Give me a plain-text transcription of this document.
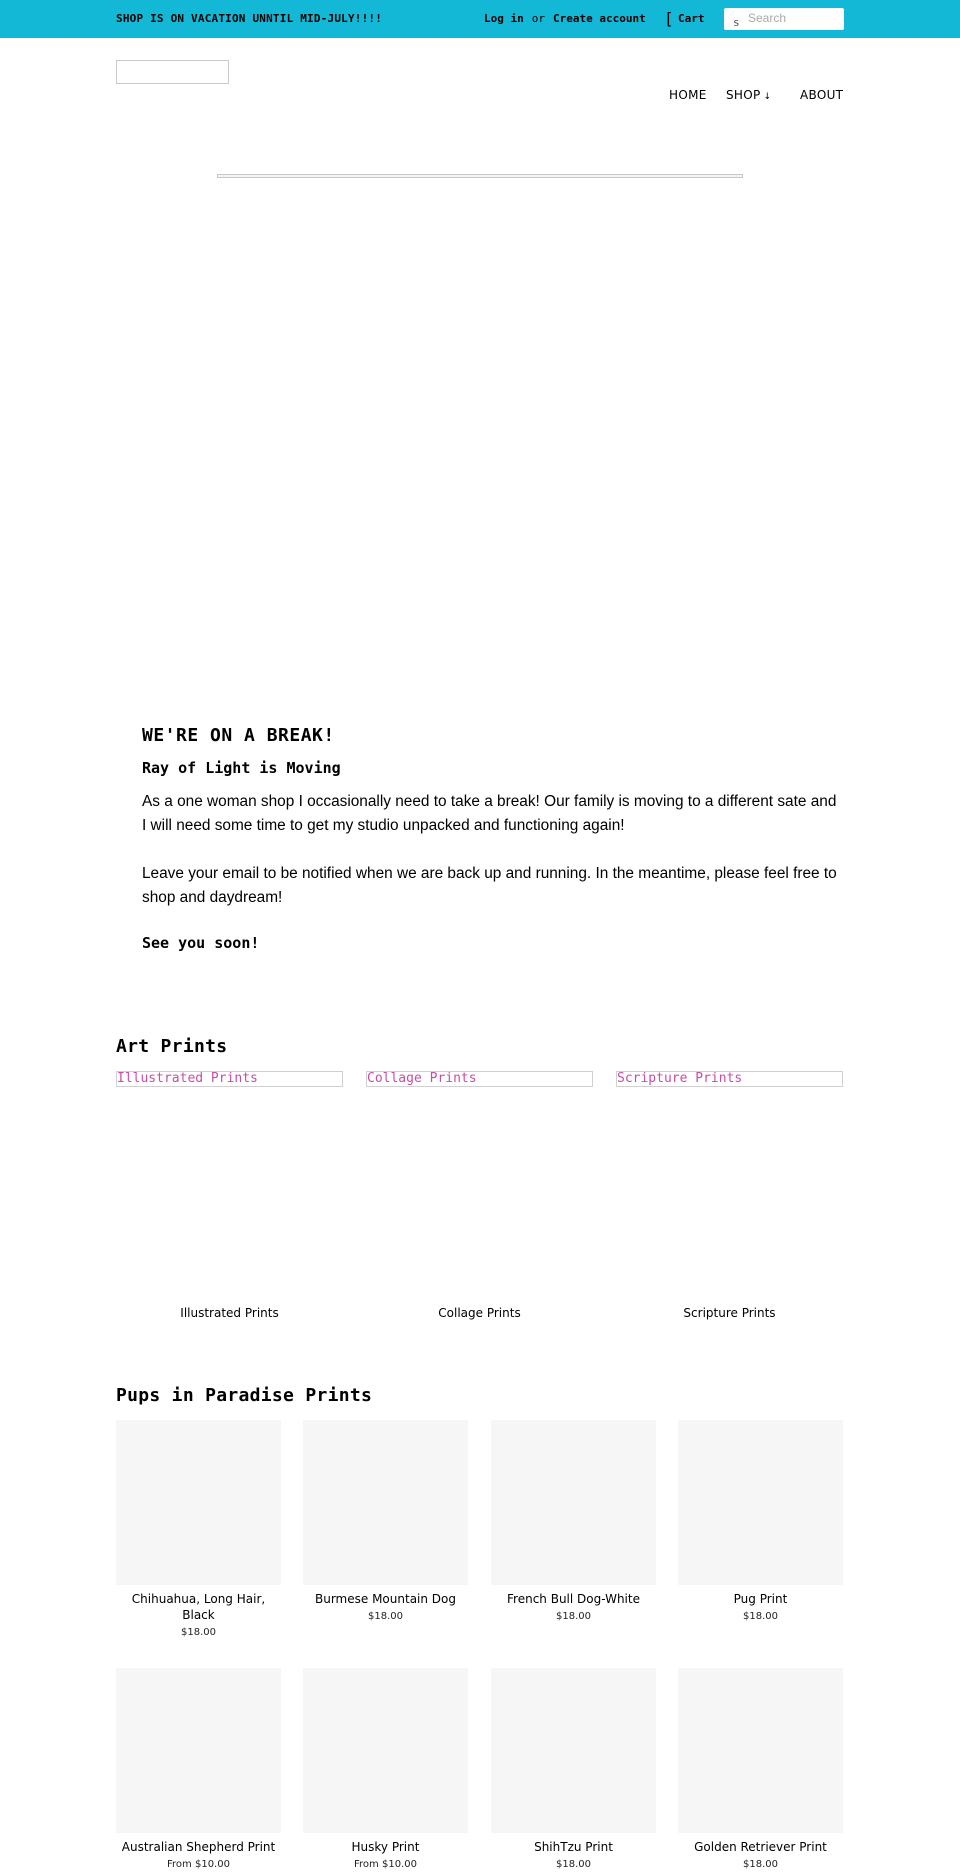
SHOP IS ON VACATION UNNTIL MID-JULY!!!!	Log in or Create account [ Cart	s
Search
HOME SHOP ↓ ABOUT
WE'RE ON A BREAK!
Ray of Light is Moving

As a one woman shop I occasionally need to take a break! Our family is moving to a different sate and I will need some time to get my studio unpacked and functioning again!

Leave your email to be notified when we are back up and running. In the meantime, please feel free to shop and daydream!

See you soon!
Art Prints
Illustrated Prints	Collage Prints	Scripture Prints
Illustrated Prints	Collage Prints	Scripture Prints
Pups in Paradise Prints
Chihuahua, Long Hair, Black
$18.00
Burmese Mountain Dog
$18.00
French Bull Dog-White
$18.00
Pug Print
$18.00
Australian Shepherd Print
From $10.00
Husky Print
From $10.00
ShihTzu Print
$18.00
Golden Retriever Print
$18.00
